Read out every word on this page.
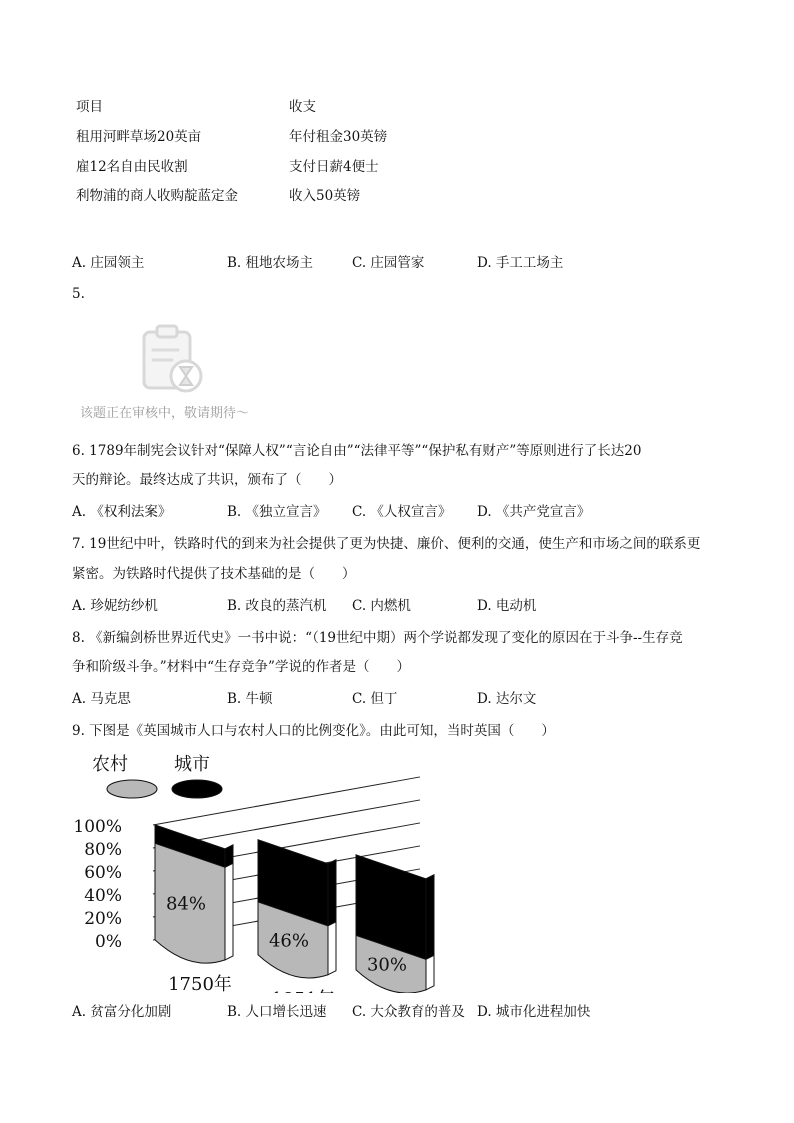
项目	收支
租用河畔草场20英亩	年付租金30英镑
雇12名自由民收割	支付日薪4便士
利物浦的商人收购靛蓝定金	收入50英镑
A. 庄园领主	B. 租地农场主	C. 庄园管家	D. 手工工场主
5.
该题正在审核中，敬请期待～
6. 1789年制宪会议针对“保障人权”“言论自由”“法律平等”“保护私有财产”等原则进行了长达20
天的辩论。最终达成了共识，颁布了（　　）
A. 《权利法案》	B. 《独立宣言》 C. 《人权宣言》 D. 《共产党宣言》
7. 19世纪中叶，铁路时代的到来为社会提供了更为快捷、廉价、便利的交通，使生产和市场之间的联系更
紧密。为铁路时代提供了技术基础的是（　　）
A. 珍妮纺纱机	B. 改良的蒸汽机 C. 内燃机	D. 电动机
8. 《新编剑桥世界近代史》一书中说：“（19世纪中期）两个学说都发现了变化的原因在于斗争--生存竞
争和阶级斗争。”材料中“生存竞争”学说的作者是（　　）
A. 马克思	B. 牛顿	C. 但丁	D. 达尔文
9. 下图是《英国城市人口与农村人口的比例变化》。由此可知，当时英国（　　）
农村	城市
0%
20%
40%
60%
80%
100%
84%
1750年
46%
30%
A. 贫富分化加剧	B. 人口增长迅速 C. 大众教育的普及 D. 城市化进程加快
